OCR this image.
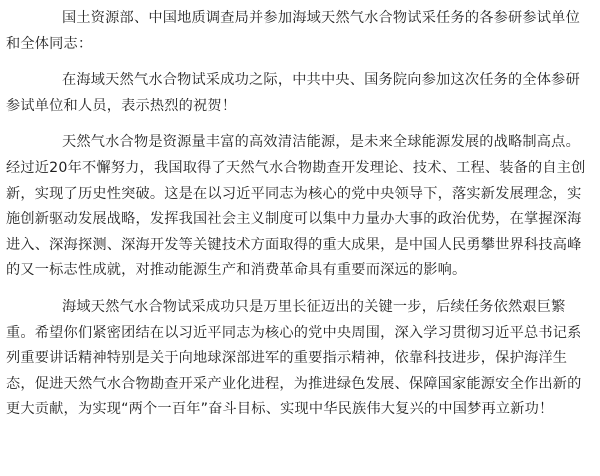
国土资源部、中国地质调查局并参加海域天然气水合物试采任务的各参研参试单位和全体同志：

在海域天然气水合物试采成功之际，中共中央、国务院向参加这次任务的全体参研参试单位和人员，表示热烈的祝贺！

天然气水合物是资源量丰富的高效清洁能源，是未来全球能源发展的战略制高点。经过近20年不懈努力，我国取得了天然气水合物勘查开发理论、技术、工程、装备的自主创新，实现了历史性突破。这是在以习近平同志为核心的党中央领导下，落实新发展理念，实施创新驱动发展战略，发挥我国社会主义制度可以集中力量办大事的政治优势，在掌握深海进入、深海探测、深海开发等关键技术方面取得的重大成果，是中国人民勇攀世界科技高峰的又一标志性成就，对推动能源生产和消费革命具有重要而深远的影响。

海域天然气水合物试采成功只是万里长征迈出的关键一步，后续任务依然艰巨繁重。希望你们紧密团结在以习近平同志为核心的党中央周围，深入学习贯彻习近平总书记系列重要讲话精神特别是关于向地球深部进军的重要指示精神，依靠科技进步，保护海洋生态，促进天然气水合物勘查开采产业化进程，为推进绿色发展、保障国家能源安全作出新的更大贡献，为实现“两个一百年”奋斗目标、实现中华民族伟大复兴的中国梦再立新功！
